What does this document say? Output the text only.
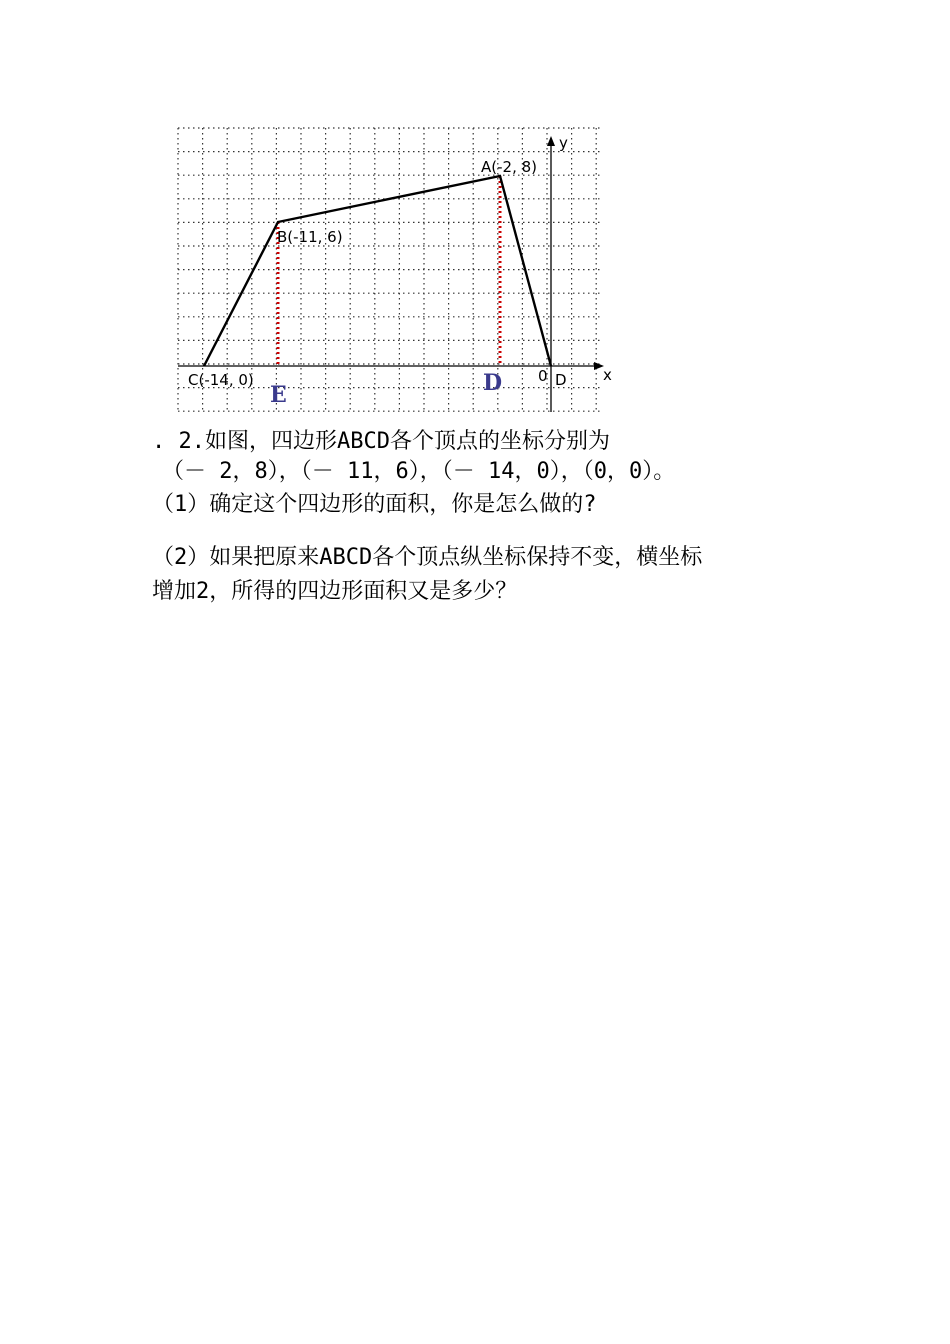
A(-2, 8)
B(-11, 6)
C(-14, 0)	D
0	x
y
E	D
. 2.如图，四边形ABCD各个顶点的坐标分别为
（－ 2，8），（－ 11，6），（－ 14，0），（0，0）。
（1）确定这个四边形的面积，你是怎么做的?
（2）如果把原来ABCD各个顶点纵坐标保持不变，横坐标
增加2，所得的四边形面积又是多少？
